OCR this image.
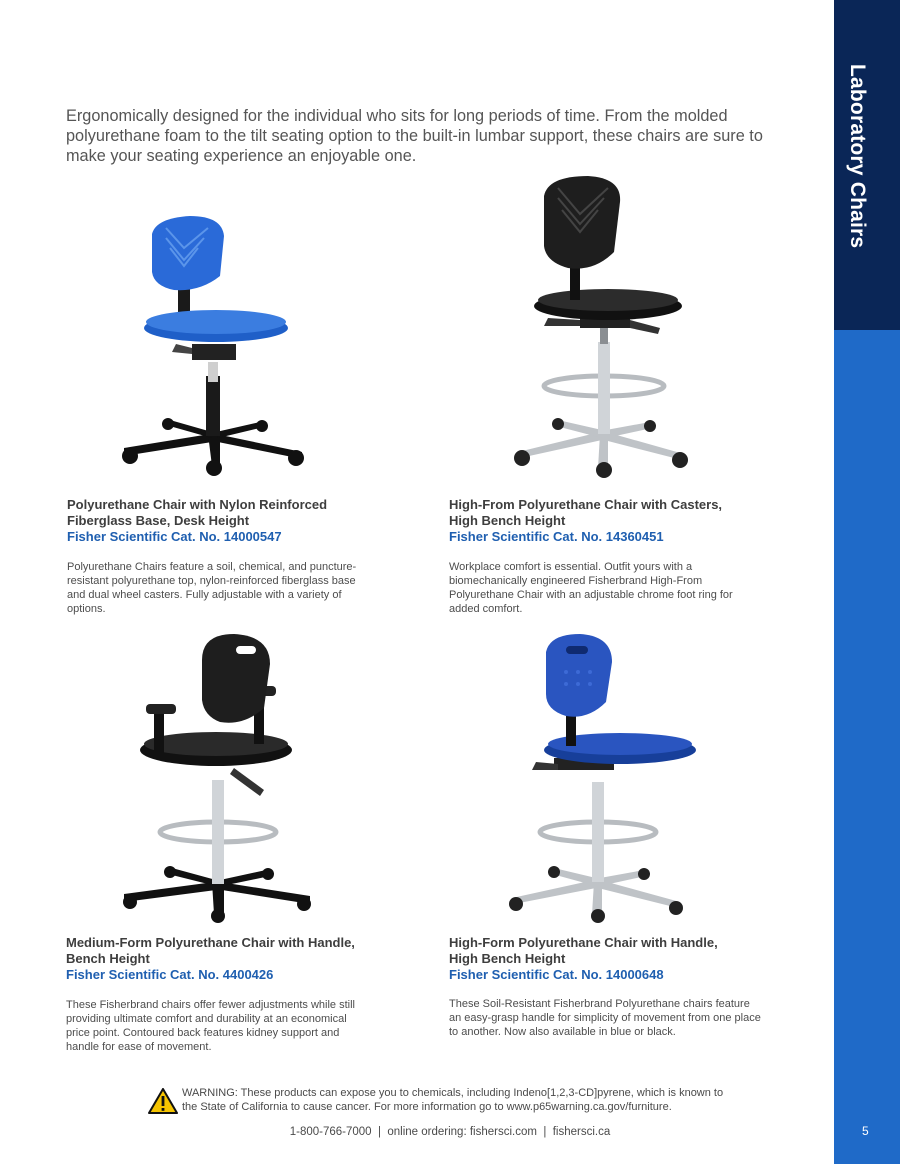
Laboratory Chairs
5

Ergonomically designed for the individual who sits for long periods of time. From the molded polyurethane foam to the tilt seating option to the built-in lumbar support, these chairs are sure to make your seating experience an enjoyable one.

Polyurethane Chair with Nylon Reinforced
Fiberglass Base, Desk Height
Fisher Scientific Cat. No. 14000547

Polyurethane Chairs feature a soil, chemical, and puncture-resistant polyurethane top, nylon-reinforced fiberglass base and dual wheel casters. Fully adjustable with a variety of options.

High-From Polyurethane Chair with Casters,
High Bench Height
Fisher Scientific Cat. No. 14360451

Workplace comfort is essential. Outfit yours with a biomechanically engineered Fisherbrand High-From Polyurethane Chair with an adjustable chrome foot ring for added comfort.

Medium-Form Polyurethane Chair with Handle,
Bench Height
Fisher Scientific Cat. No. 4400426

These Fisherbrand chairs offer fewer adjustments while still providing ultimate comfort and durability at an economical price point. Contoured back features kidney support and handle for ease of movement.

High-Form Polyurethane Chair with Handle,
High Bench Height
Fisher Scientific Cat. No. 14000648

These Soil-Resistant Fisherbrand Polyurethane chairs feature an easy-grasp handle for simplicity of movement from one place to another. Now also available in blue or black.

WARNING: These products can expose you to chemicals, including Indeno[1,2,3-CD]pyrene, which is known to
the State of California to cause cancer. For more information go to www.p65warning.ca.gov/furniture.
1-800-766-7000 | online ordering: fishersci.com | fishersci.ca
